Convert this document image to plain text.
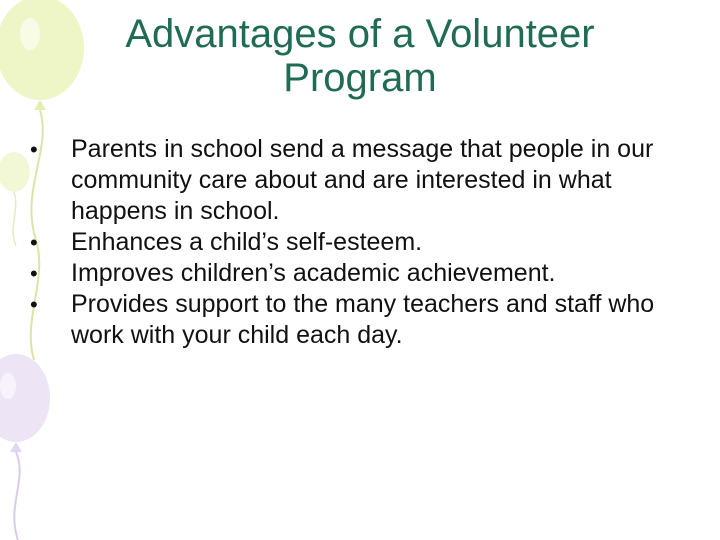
Advantages of a Volunteer
Program
• Parents in school send a message that people in our community care about and are interested in what happens in school.
• Enhances a child’s self-esteem.
• Improves children’s academic achievement.
• Provides support to the many teachers and staff who work with your child each day.
